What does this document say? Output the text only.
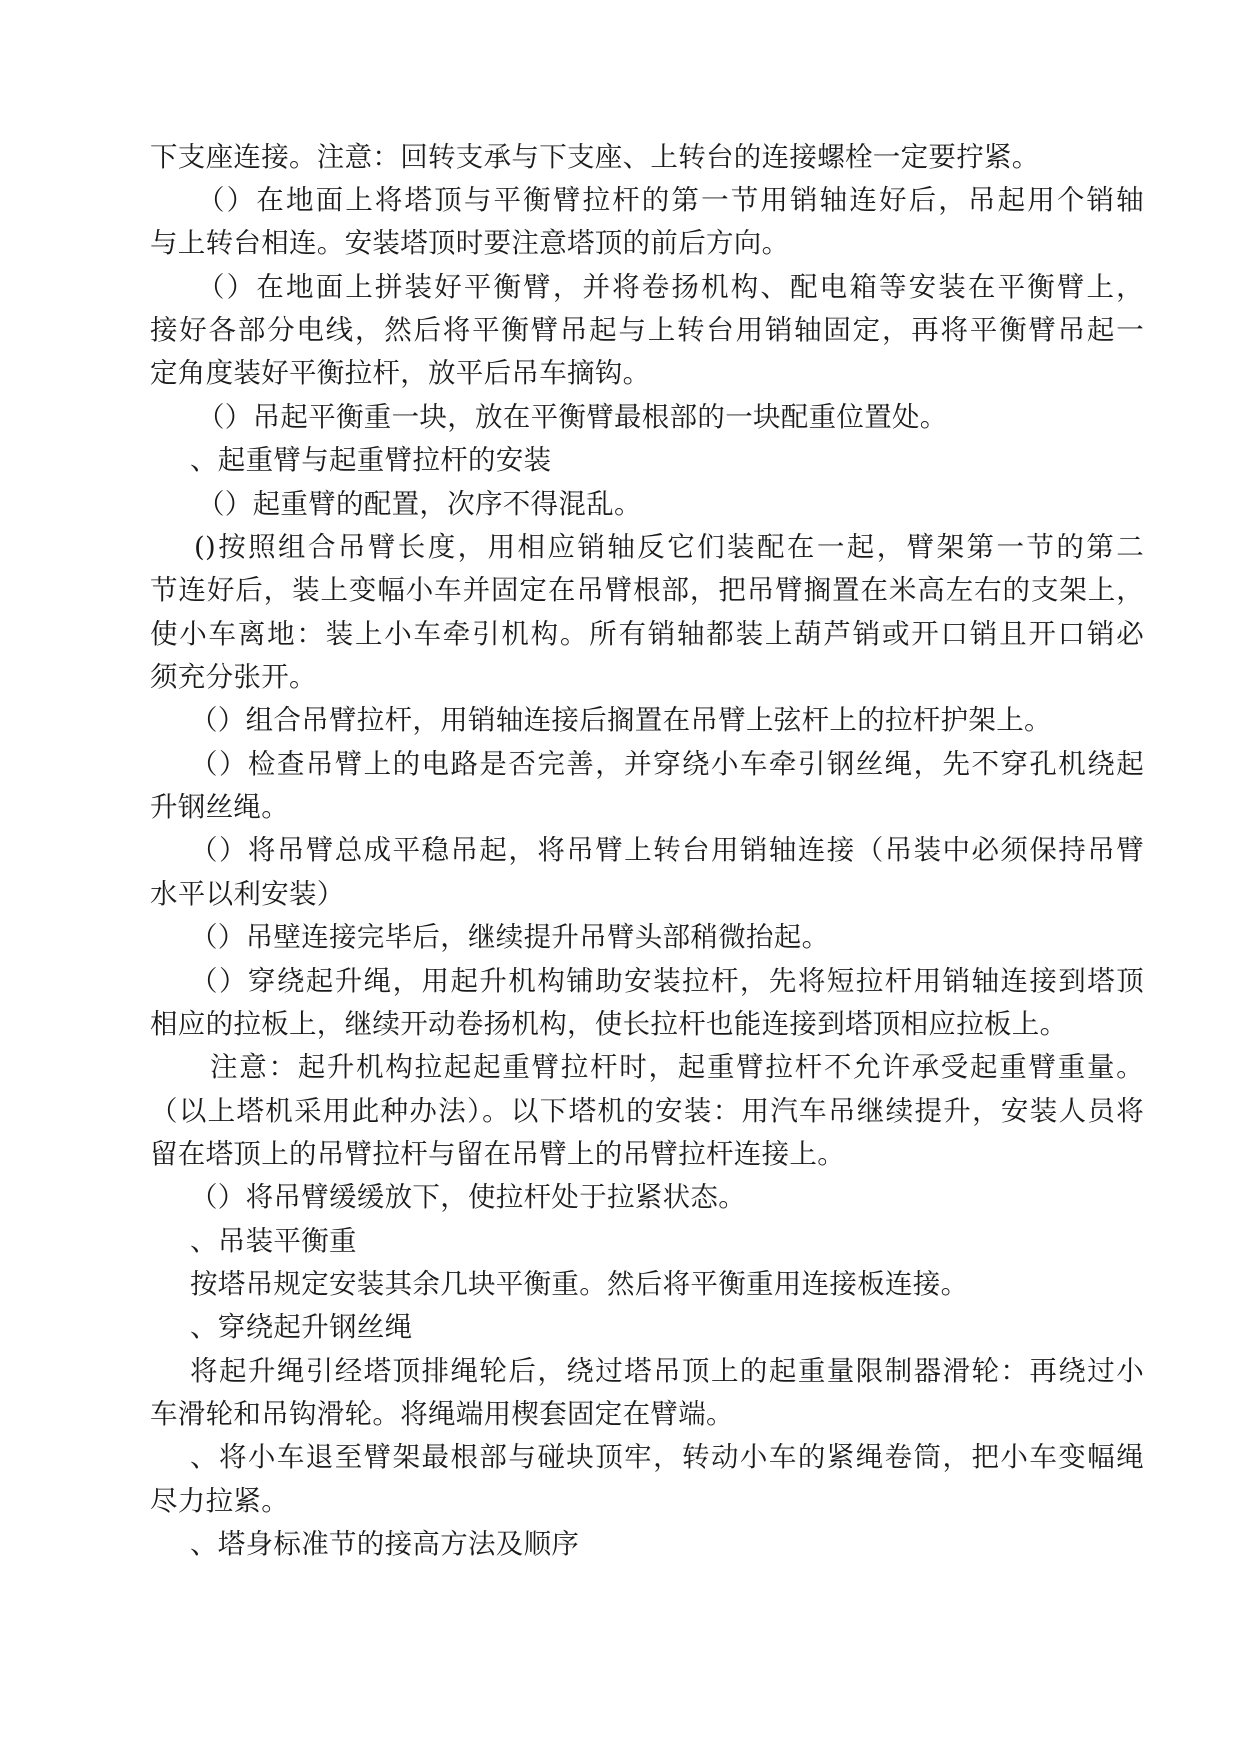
下支座连接。注意：回转支承与下支座、上转台的连接螺栓一定要拧紧。
（）在地面上将塔顶与平衡臂拉杆的第一节用销轴连好后，吊起用个销轴
与上转台相连。安装塔顶时要注意塔顶的前后方向。
（）在地面上拼装好平衡臂，并将卷扬机构、配电箱等安装在平衡臂上，
接好各部分电线，然后将平衡臂吊起与上转台用销轴固定，再将平衡臂吊起一
定角度装好平衡拉杆，放平后吊车摘钩。
（）吊起平衡重一块，放在平衡臂最根部的一块配重位置处。
、起重臂与起重臂拉杆的安装
（）起重臂的配置，次序不得混乱。
()按照组合吊臂长度，用相应销轴反它们装配在一起，臂架第一节的第二
节连好后，装上变幅小车并固定在吊臂根部，把吊臂搁置在米高左右的支架上，
使小车离地：装上小车牵引机构。所有销轴都装上葫芦销或开口销且开口销必
须充分张开。
（）组合吊臂拉杆，用销轴连接后搁置在吊臂上弦杆上的拉杆护架上。
（）检查吊臂上的电路是否完善，并穿绕小车牵引钢丝绳，先不穿孔机绕起
升钢丝绳。
（）将吊臂总成平稳吊起，将吊臂上转台用销轴连接（吊装中必须保持吊臂
水平以利安装）
（）吊壁连接完毕后，继续提升吊臂头部稍微抬起。
（）穿绕起升绳，用起升机构铺助安装拉杆，先将短拉杆用销轴连接到塔顶
相应的拉板上，继续开动卷扬机构，使长拉杆也能连接到塔顶相应拉板上。
注意：起升机构拉起起重臂拉杆时，起重臂拉杆不允许承受起重臂重量。
（以上塔机采用此种办法）。以下塔机的安装：用汽车吊继续提升，安装人员将
留在塔顶上的吊臂拉杆与留在吊臂上的吊臂拉杆连接上。
（）将吊臂缓缓放下，使拉杆处于拉紧状态。
、吊装平衡重
按塔吊规定安装其余几块平衡重。然后将平衡重用连接板连接。
、穿绕起升钢丝绳
将起升绳引经塔顶排绳轮后，绕过塔吊顶上的起重量限制器滑轮：再绕过小
车滑轮和吊钩滑轮。将绳端用楔套固定在臂端。
、将小车退至臂架最根部与碰块顶牢，转动小车的紧绳卷筒，把小车变幅绳
尽力拉紧。
、塔身标准节的接高方法及顺序
